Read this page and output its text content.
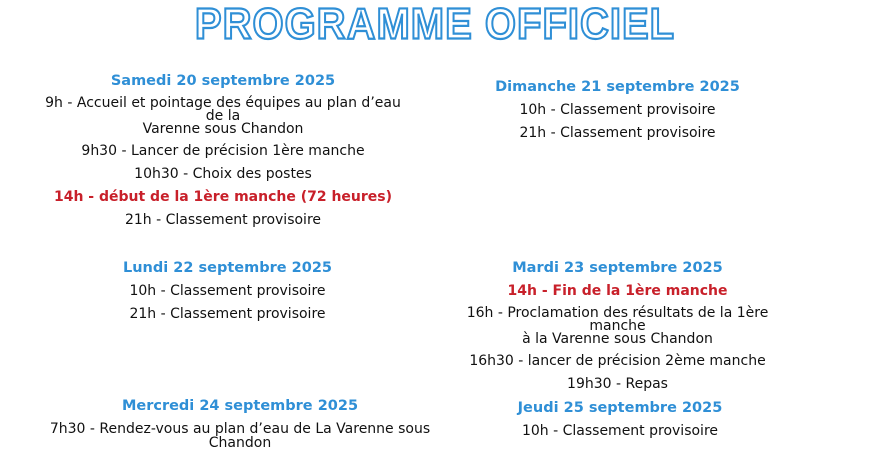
PROGRAMME OFFICIEL
Samedi 20 septembre 2025
9h - Accueil et pointage des équipes au plan d’eau de la
Varenne sous Chandon
9h30 - Lancer de précision 1ère manche
10h30 - Choix des postes
14h - début de la 1ère manche (72 heures)
21h - Classement provisoire
Dimanche 21 septembre 2025
10h - Classement provisoire
21h - Classement provisoire
Lundi 22 septembre 2025
10h - Classement provisoire
21h - Classement provisoire
Mardi 23 septembre 2025
14h - Fin de la 1ère manche
16h - Proclamation des résultats de la 1ère manche
à la Varenne sous Chandon
16h30 - lancer de précision 2ème manche
19h30 - Repas
Mercredi 24 septembre 2025
7h30 - Rendez-vous au plan d’eau de La Varenne sous Chandon
Jeudi 25 septembre 2025
10h - Classement provisoire
